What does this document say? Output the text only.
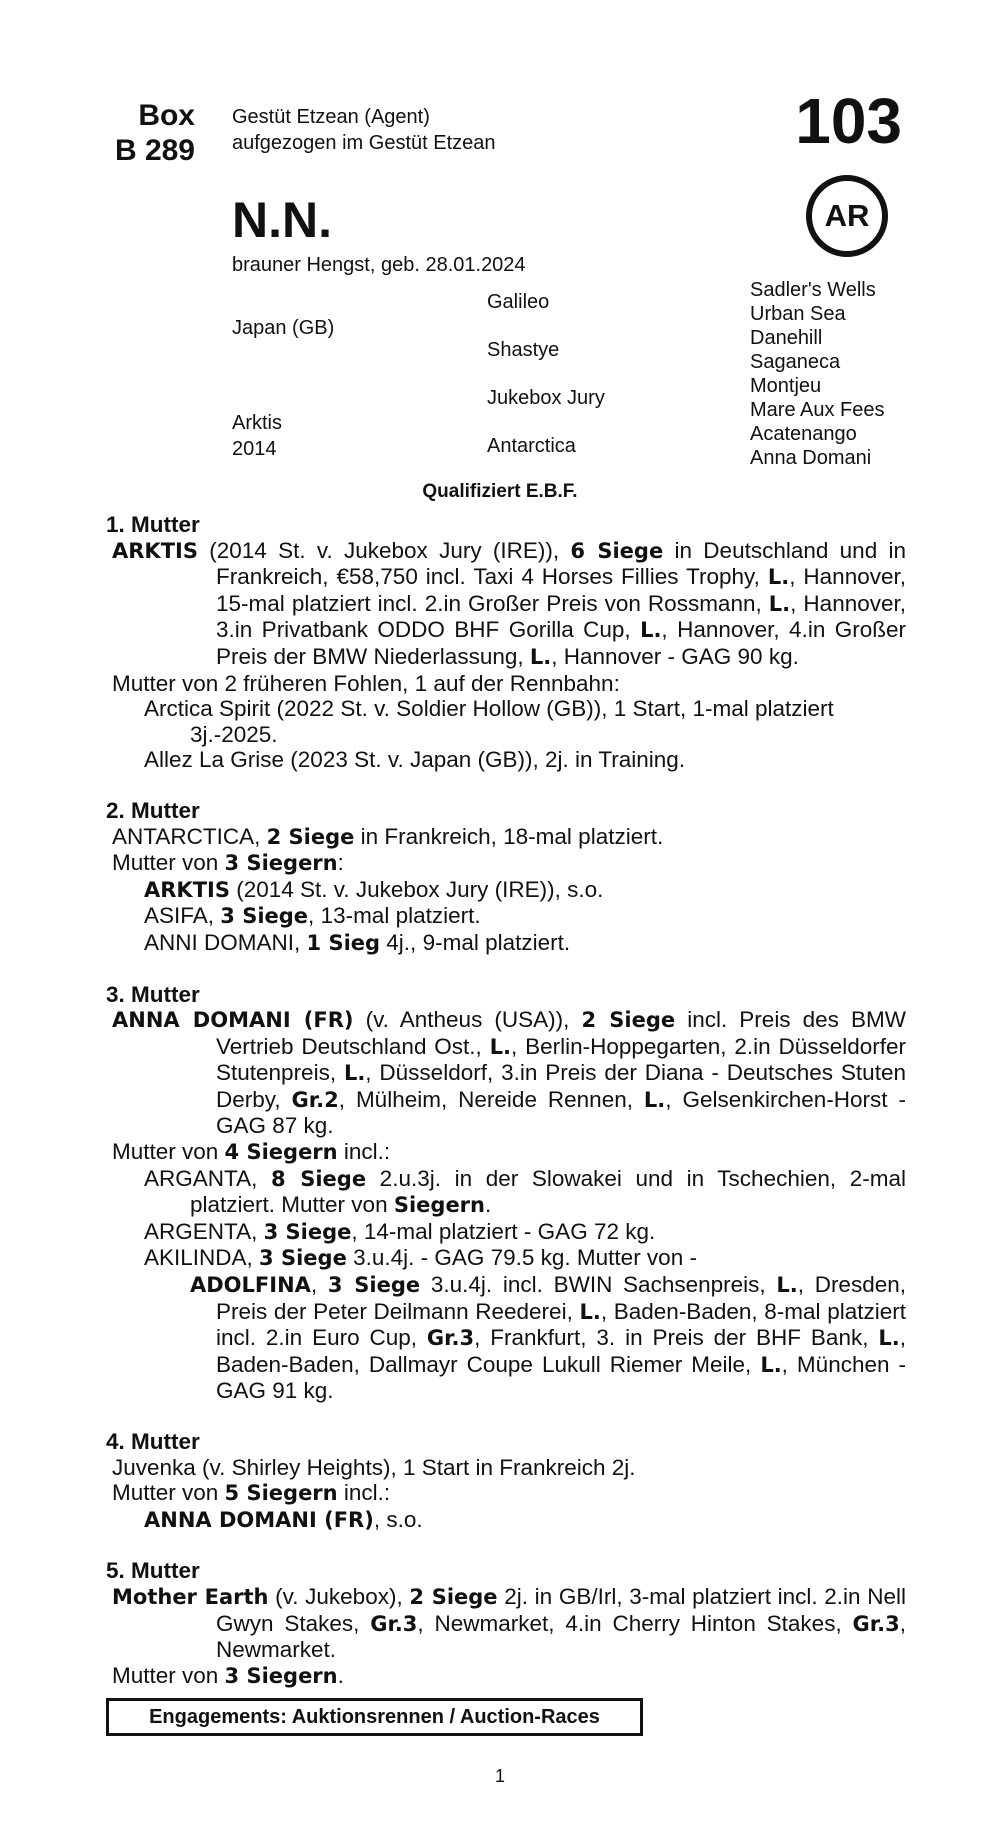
Box
B 289
Gestüt Etzean (Agent)
aufgezogen im Gestüt Etzean	103
AR
N.N.
brauner Hengst, geb. 28.01.2024
Japan (GB)
Arktis
2014
Galileo
Shastye
Jukebox Jury
Antarctica
Sadler's Wells
Urban Sea
Danehill
Saganeca
Montjeu
Mare Aux Fees
Acatenango
Anna Domani
Qualifiziert E.B.F.
1. Mutter
ARKTIS (2014 St. v. Jukebox Jury (IRE)), 6 Siege in Deutschland und in Frankreich, €58,750 incl. Taxi 4 Horses Fillies Trophy, L., Hannover, 15-mal platziert incl. 2.in Großer Preis von Rossmann, L., Hannover, 3.in Privatbank ODDO BHF Gorilla Cup, L., Hannover, 4.in Großer Preis der BMW Niederlassung, L., Hannover - GAG 90 kg.
Mutter von 2 früheren Fohlen, 1 auf der Rennbahn:
Arctica Spirit (2022 St. v. Soldier Hollow (GB)), 1 Start, 1-mal platziert 3j.-2025.
Allez La Grise (2023 St. v. Japan (GB)), 2j. in Training.
2. Mutter
ANTARCTICA, 2 Siege in Frankreich, 18-mal platziert.
Mutter von 3 Siegern:
ARKTIS (2014 St. v. Jukebox Jury (IRE)), s.o.
ASIFA, 3 Siege, 13-mal platziert.
ANNI DOMANI, 1 Sieg 4j., 9-mal platziert.
3. Mutter
ANNA DOMANI (FR) (v. Antheus (USA)), 2 Siege incl. Preis des BMW Vertrieb Deutschland Ost., L., Berlin-Hoppegarten, 2.in Düsseldorfer Stutenpreis, L., Düsseldorf, 3.in Preis der Diana - Deutsches Stuten Derby, Gr.2, Mülheim, Nereide Rennen, L., Gelsenkirchen-Horst - GAG 87 kg.
Mutter von 4 Siegern incl.:
ARGANTA, 8 Siege 2.u.3j. in der Slowakei und in Tschechien, 2-mal platziert. Mutter von Siegern.
ARGENTA, 3 Siege, 14-mal platziert - GAG 72 kg.
AKILINDA, 3 Siege 3.u.4j. - GAG 79.5 kg. Mutter von -
ADOLFINA, 3 Siege 3.u.4j. incl. BWIN Sachsenpreis, L., Dresden, Preis der Peter Deilmann Reederei, L., Baden-Baden, 8-mal platziert incl. 2.in Euro Cup, Gr.3, Frankfurt, 3. in Preis der BHF Bank, L., Baden-Baden, Dallmayr Coupe Lukull Riemer Meile, L., München - GAG 91 kg.
4. Mutter
Juvenka (v. Shirley Heights), 1 Start in Frankreich 2j.
Mutter von 5 Siegern incl.:
ANNA DOMANI (FR), s.o.
5. Mutter
Mother Earth (v. Jukebox), 2 Siege 2j. in GB/Irl, 3-mal platziert incl. 2.in Nell Gwyn Stakes, Gr.3, Newmarket, 4.in Cherry Hinton Stakes, Gr.3, Newmarket.
Mutter von 3 Siegern.
Engagements: Auktionsrennen / Auction-Races
1
